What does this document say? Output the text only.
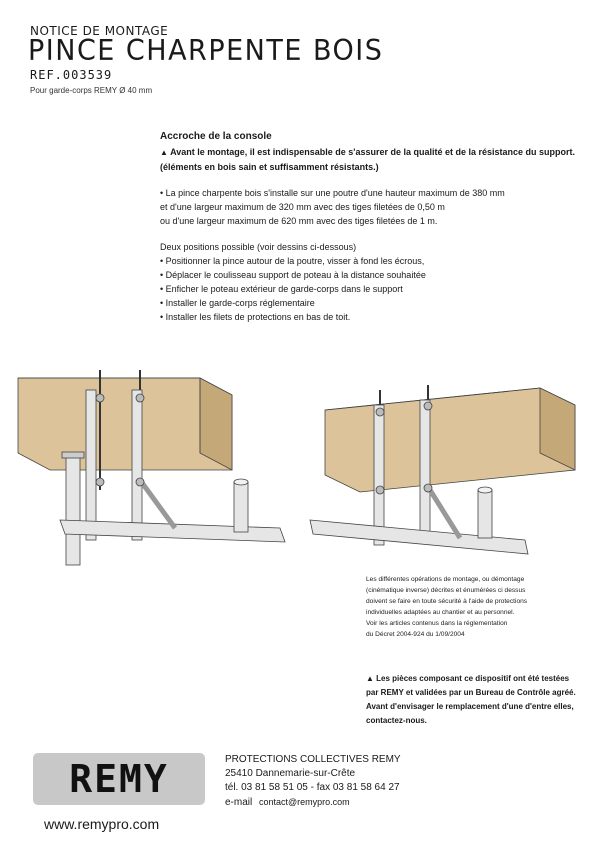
NOTICE DE MONTAGE
PINCE CHARPENTE BOIS
REF.003539
Pour garde-corps REMY Ø 40 mm
Accroche de la console
▲ Avant le montage, il est indispensable de s'assurer de la qualité et de la résistance du support.
(éléments en bois sain et suffisamment résistants.)
• La pince charpente bois s'installe sur une poutre d'une hauteur maximum de 380 mm
et d'une largeur maximum de 320 mm avec des tiges filetées de 0,50 m
ou d'une largeur maximum de 620 mm avec des tiges filetées de 1 m.
Deux positions possible (voir dessins ci-dessous)
• Positionner la pince autour de la poutre, visser à fond les écrous,
• Déplacer le coulisseau support de poteau à la distance souhaitée
• Enficher le poteau extérieur de garde-corps dans le support
• Installer le garde-corps réglementaire
• Installer les filets de protections en bas de toit.
Les différentes opérations de montage, ou démontage
(cinématique inverse) décrites et énumérées ci dessus
doivent se faire en toute sécurité à l'aide de protections
individuelles adaptées au chantier et au personnel.
Voir les articles contenus dans la réglementation
du Décret 2004-924 du 1/09/2004
▲ Les pièces composant ce dispositif ont été testées
par REMY et validées par un Bureau de Contrôle agréé.
Avant d'envisager le remplacement d'une d'entre elles,
contactez-nous.
REMY	PROTECTIONS COLLECTIVES REMY
25410 Dannemarie-sur-Crête
tél. 03 81 58 51 05 - fax 03 81 58 64 27
e-mail contact@remypro.com
www.remypro.com
